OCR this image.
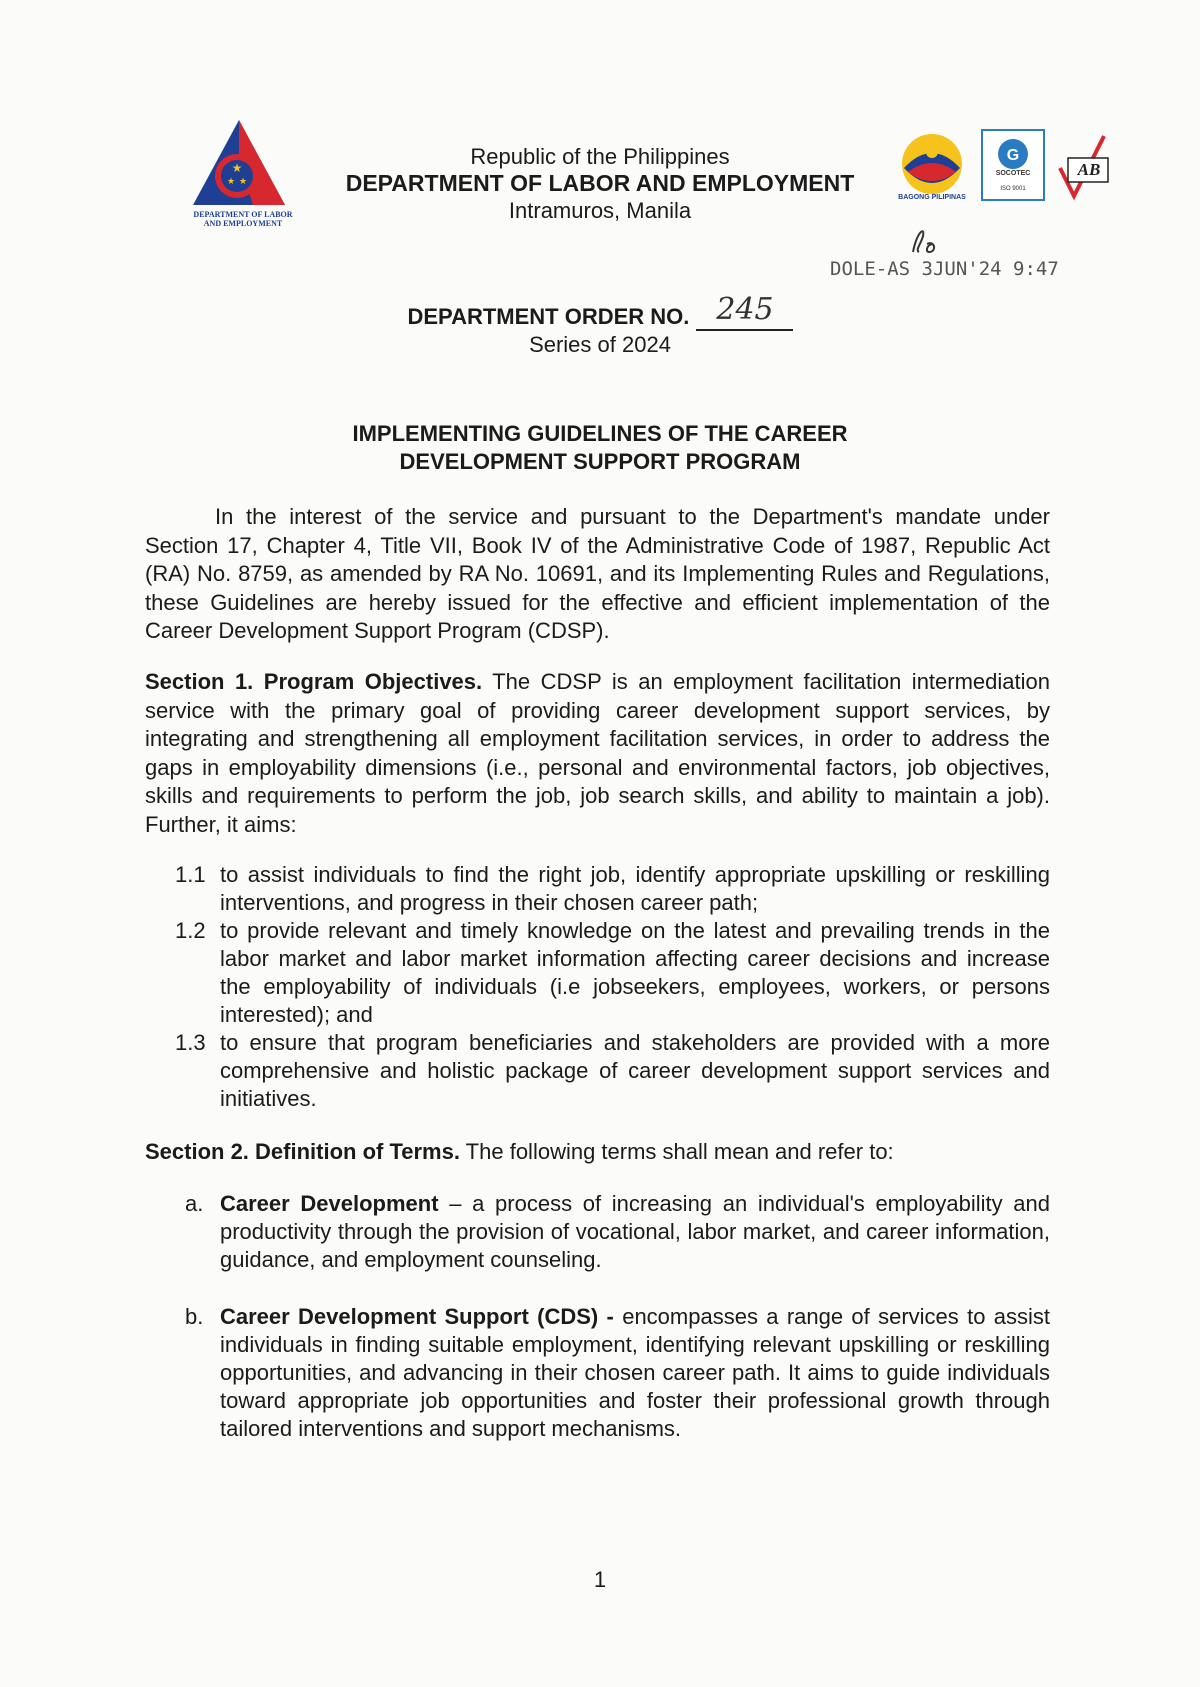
★
★ ★
DEPARTMENT OF LABOR
AND EMPLOYMENT
Republic of the Philippines
DEPARTMENT OF LABOR AND EMPLOYMENT
Intramuros, Manila
G
BAGONG PILIPINAS
SOCOTEC
ISO 9001
AB
DOLE-AS 3JUN'24 9:47
DEPARTMENT ORDER NO. 245
Series of 2024
IMPLEMENTING GUIDELINES OF THE CAREER
DEVELOPMENT SUPPORT PROGRAM
In the interest of the service and pursuant to the Department's mandate under Section 17, Chapter 4, Title VII, Book IV of the Administrative Code of 1987, Republic Act (RA) No. 8759, as amended by RA No. 10691, and its Implementing Rules and Regulations, these Guidelines are hereby issued for the effective and efficient implementation of the Career Development Support Program (CDSP).
Section 1. Program Objectives. The CDSP is an employment facilitation intermediation service with the primary goal of providing career development support services, by integrating and strengthening all employment facilitation services, in order to address the gaps in employability dimensions (i.e., personal and environmental factors, job objectives, skills and requirements to perform the job, job search skills, and ability to maintain a job). Further, it aims:
1.1 to assist individuals to find the right job, identify appropriate upskilling or reskilling interventions, and progress in their chosen career path;
1.2 to provide relevant and timely knowledge on the latest and prevailing trends in the labor market and labor market information affecting career decisions and increase the employability of individuals (i.e jobseekers, employees, workers, or persons interested); and
1.3 to ensure that program beneficiaries and stakeholders are provided with a more comprehensive and holistic package of career development support services and initiatives.
Section 2. Definition of Terms. The following terms shall mean and refer to:
a. Career Development – a process of increasing an individual's employability and productivity through the provision of vocational, labor market, and career information, guidance, and employment counseling.
b. Career Development Support (CDS) - encompasses a range of services to assist individuals in finding suitable employment, identifying relevant upskilling or reskilling opportunities, and advancing in their chosen career path. It aims to guide individuals toward appropriate job opportunities and foster their professional growth through tailored interventions and support mechanisms.
1
